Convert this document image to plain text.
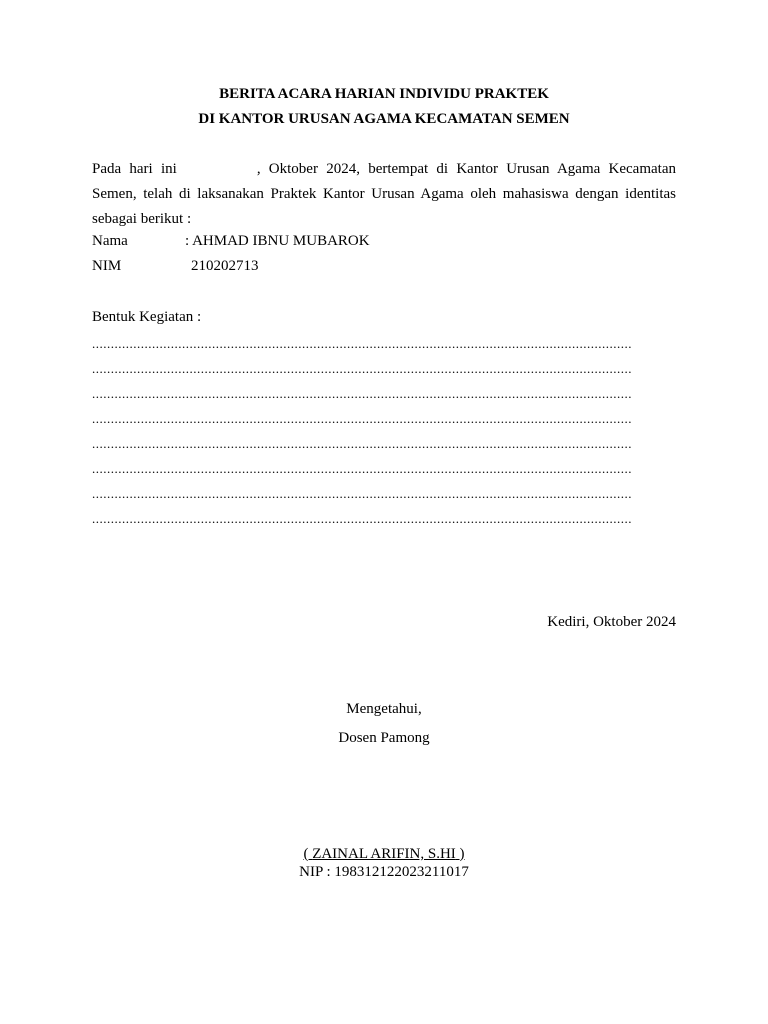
BERITA ACARA HARIAN INDIVIDU PRAKTEK
DI KANTOR URUSAN AGAMA KECAMATAN SEMEN
Pada hari ini	, Oktober 2024, bertempat di Kantor Urusan Agama Kecamatan
Semen, telah di laksanakan Praktek Kantor Urusan Agama oleh mahasiswa dengan identitas
sebagai berikut :
Nama	: AHMAD IBNU MUBAROK
NIM	210202713
Bentuk Kegiatan :
................................................................................................................................................
................................................................................................................................................
................................................................................................................................................
................................................................................................................................................
................................................................................................................................................
................................................................................................................................................
................................................................................................................................................
................................................................................................................................................
Kediri, Oktober 2024
Mengetahui,
Dosen Pamong
( ZAINAL ARIFIN, S.HI )
NIP : 198312122023211017
